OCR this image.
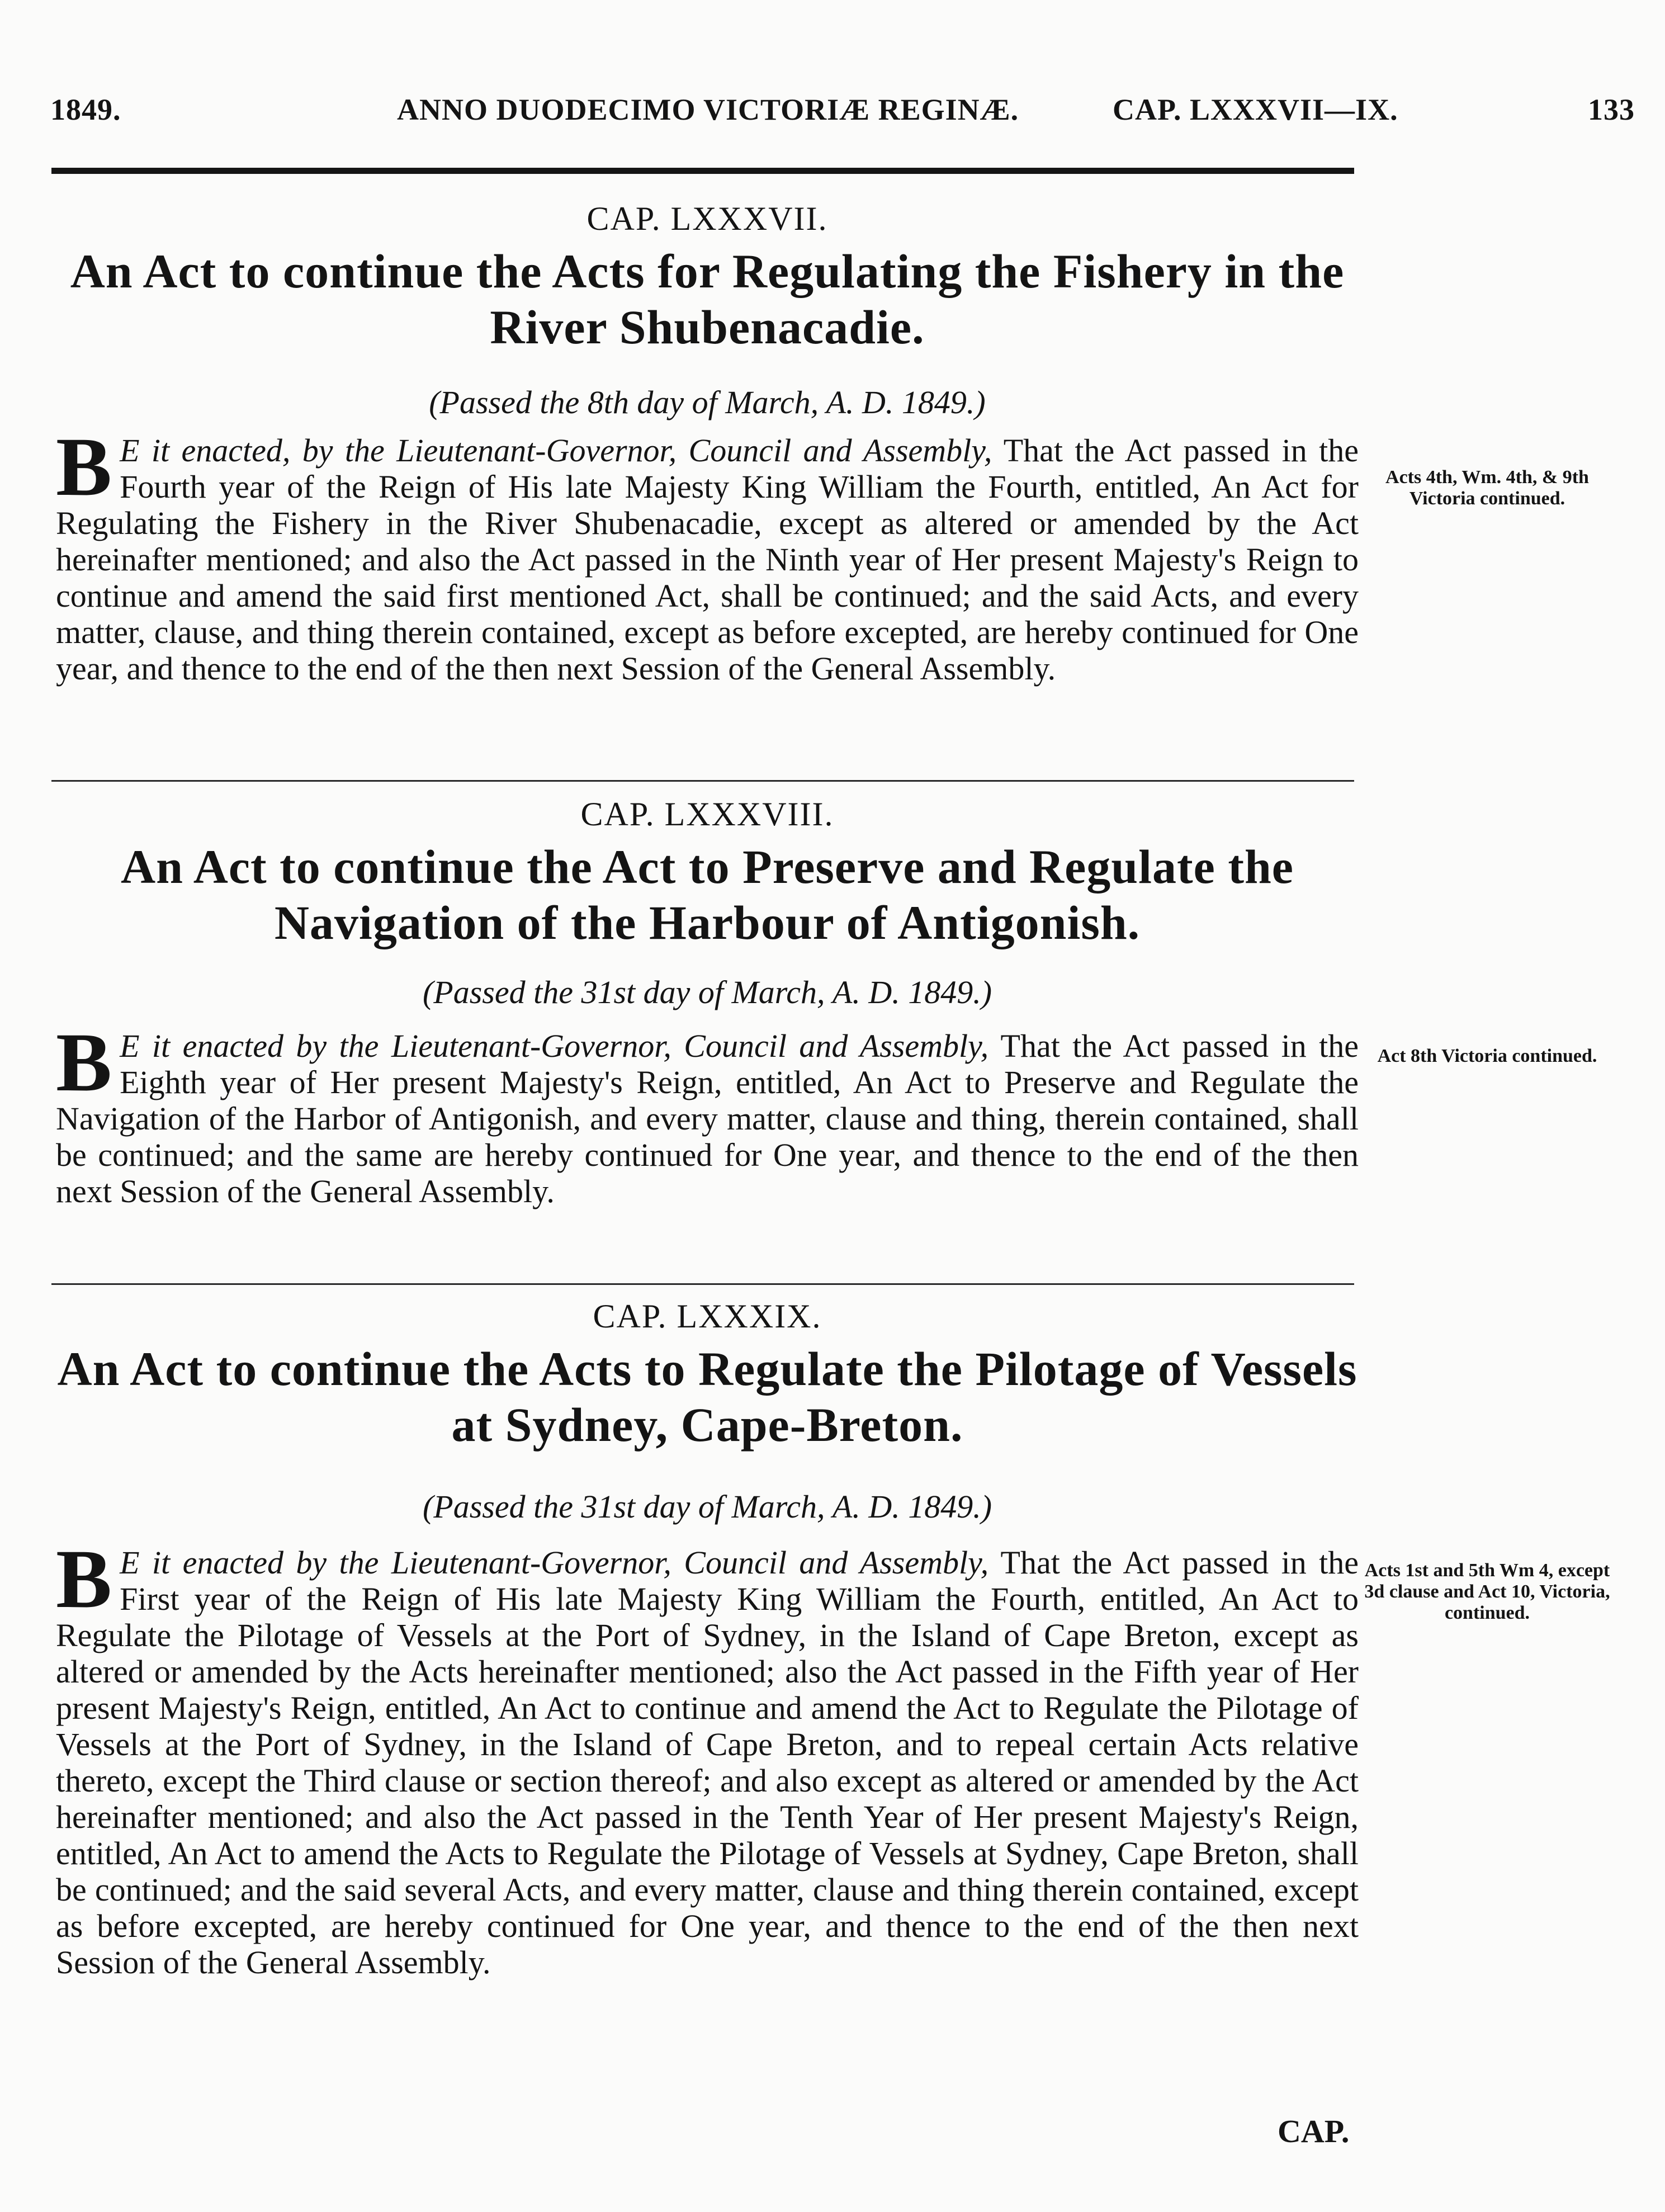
1849.	ANNO DUODECIMO VICTORIÆ REGINÆ.	CAP. LXXXVII—IX.	133

CAP. LXXXVII.

An Act to continue the Acts for Regulating the Fishery in the River Shubenacadie.

(Passed the 8th day of March, A. D. 1849.)

B E it enacted, by the Lieutenant-Governor, Council and Assembly, That the Act passed in the Fourth year of the Reign of His late Majesty King William the Fourth, entitled, An Act for Regulating the Fishery in the River Shubenacadie, except as altered or amended by the Act hereinafter mentioned; and also the Act passed in the Ninth year of Her present Majesty's Reign to continue and amend the said first mentioned Act, shall be continued; and the said Acts, and every matter, clause, and thing therein contained, except as before excepted, are hereby continued for One year, and thence to the end of the then next Session of the General Assembly.

Acts 4th, Wm. 4th, & 9th Victoria continued.

CAP. LXXXVIII.

An Act to continue the Act to Preserve and Regulate the Navigation of the Harbour of Antigonish.

(Passed the 31st day of March, A. D. 1849.)

B E it enacted by the Lieutenant-Governor, Council and Assembly, That the Act passed in the Eighth year of Her present Majesty's Reign, entitled, An Act to Preserve and Regulate the Navigation of the Harbor of Antigonish, and every matter, clause and thing, therein contained, shall be continued; and the same are hereby continued for One year, and thence to the end of the then next Session of the General Assembly.

Act 8th Victoria continued.

CAP. LXXXIX.

An Act to continue the Acts to Regulate the Pilotage of Vessels at Sydney, Cape-Breton.

(Passed the 31st day of March, A. D. 1849.)

B E it enacted by the Lieutenant-Governor, Council and Assembly, That the Act passed in the First year of the Reign of His late Majesty King William the Fourth, entitled, An Act to Regulate the Pilotage of Vessels at the Port of Sydney, in the Island of Cape Breton, except as altered or amended by the Acts hereinafter mentioned; also the Act passed in the Fifth year of Her present Majesty's Reign, entitled, An Act to continue and amend the Act to Regulate the Pilotage of Vessels at the Port of Sydney, in the Island of Cape Breton, and to repeal certain Acts relative thereto, except the Third clause or section thereof; and also except as altered or amended by the Act hereinafter mentioned; and also the Act passed in the Tenth Year of Her present Majesty's Reign, entitled, An Act to amend the Acts to Regulate the Pilotage of Vessels at Sydney, Cape Breton, shall be continued; and the said several Acts, and every matter, clause and thing therein contained, except as before excepted, are hereby continued for One year, and thence to the end of the then next Session of the General Assembly.

Acts 1st and 5th Wm 4, except 3d clause and Act 10, Victoria, continued.
CAP.
